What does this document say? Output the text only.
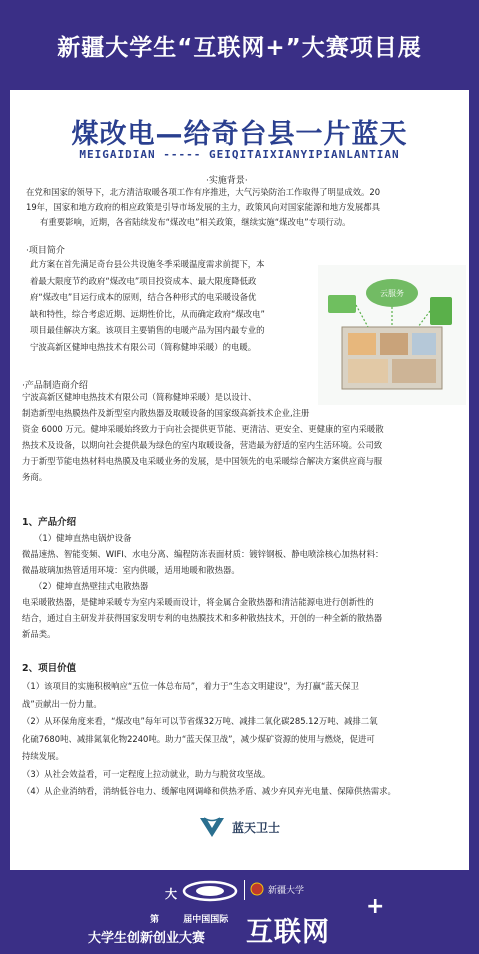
新疆大学生“互联网+”大赛项目展
煤改电—给奇台县一片蓝天
MEIGAIDIAN ----- GEIQITAIXIANYIPIANLANTIAN
·实施背景·
在党和国家的领导下，北方清洁取暖各项工作有序推进，大气污染防治工作取得了明显成效。20
19年，国家和地方政府的相应政策是引导市场发展的主力，政策风向对国家能源和地方发展都具
有重要影响，近期，各省陆续发布“煤改电”相关政策，继续实施“煤改电”专项行动。
·项目简介
此方案在首先满足奇台县公共设施冬季采暖温度需求前提下，本
着最大限度节约政府“煤改电”项目投资成本、最大限度降低政
府“煤改电”目运行成本的原则，结合各种形式的电采暖设备优
缺和特性，综合考虑近期、远期性价比，从而确定政府“煤改电”
项目最佳解决方案。该项目主要销售的电暖产品为国内最专业的
宁波高新区健坤电热技术有限公司（简称健坤采暖）的电暖。
云服务
·产品制造商介绍
宁波高新区健坤电热技术有限公司（简称健坤采暖）是以设计、
制造新型电热膜热件及新型室内散热器及取暖设备的国家级高新技术企业,注册
资金 6000 万元。健坤采暖始终致力于向社会提供更节能、更清洁、更安全、更健康的室内采暖散
热技术及设备，以期向社会提供最为绿色的室内取暖设备，营造最为舒适的室内生活环境。公司致
力于新型节能电热材料电热膜及电采暖业务的发展，是中国领先的电采暖综合解决方案供应商与服
务商。
1、产品介绍
（1）健坤直热电锅炉设备
微晶速热、智能变频、WIFI、水电分离、编程防冻表面材质：镀锌钢板、静电喷涂核心加热材料：
微晶玻璃加热管适用环境：室内供暖，适用地暖和散热器。
（2）健坤直热壁挂式电散热器
电采暖散热器，是健坤采暖专为室内采暖而设计，将金属合金散热器和清洁能源电进行创新性的
结合，通过自主研发并获得国家发明专利的电热膜技术和多种散热技术，开创的一种全新的散热器
新品类。
2、项目价值
（1）该项目的实施积极响应“五位一体总布局”，着力于“生态文明建设”，为打赢“蓝天保卫
战”贡献出一份力量。
（2）从环保角度来看，“煤改电”每年可以节省煤32万吨、减排二氧化碳285.12万吨、减排二氧
化硫7680吨、减排氮氧化物2240吨。助力“蓝天保卫战”，减少煤矿资源的使用与燃烧，促进可
持续发展。
（3）从社会效益看，可一定程度上拉动就业，助力与脱贫攻坚战。
（4）从企业消纳看，消纳低谷电力、缓解电网调峰和供热矛盾、减少弃风弃光电量、保障供热需求。
蓝天卫士
大	新疆大学
第	届中国国际
大学生创新创业大赛 互联网
+
